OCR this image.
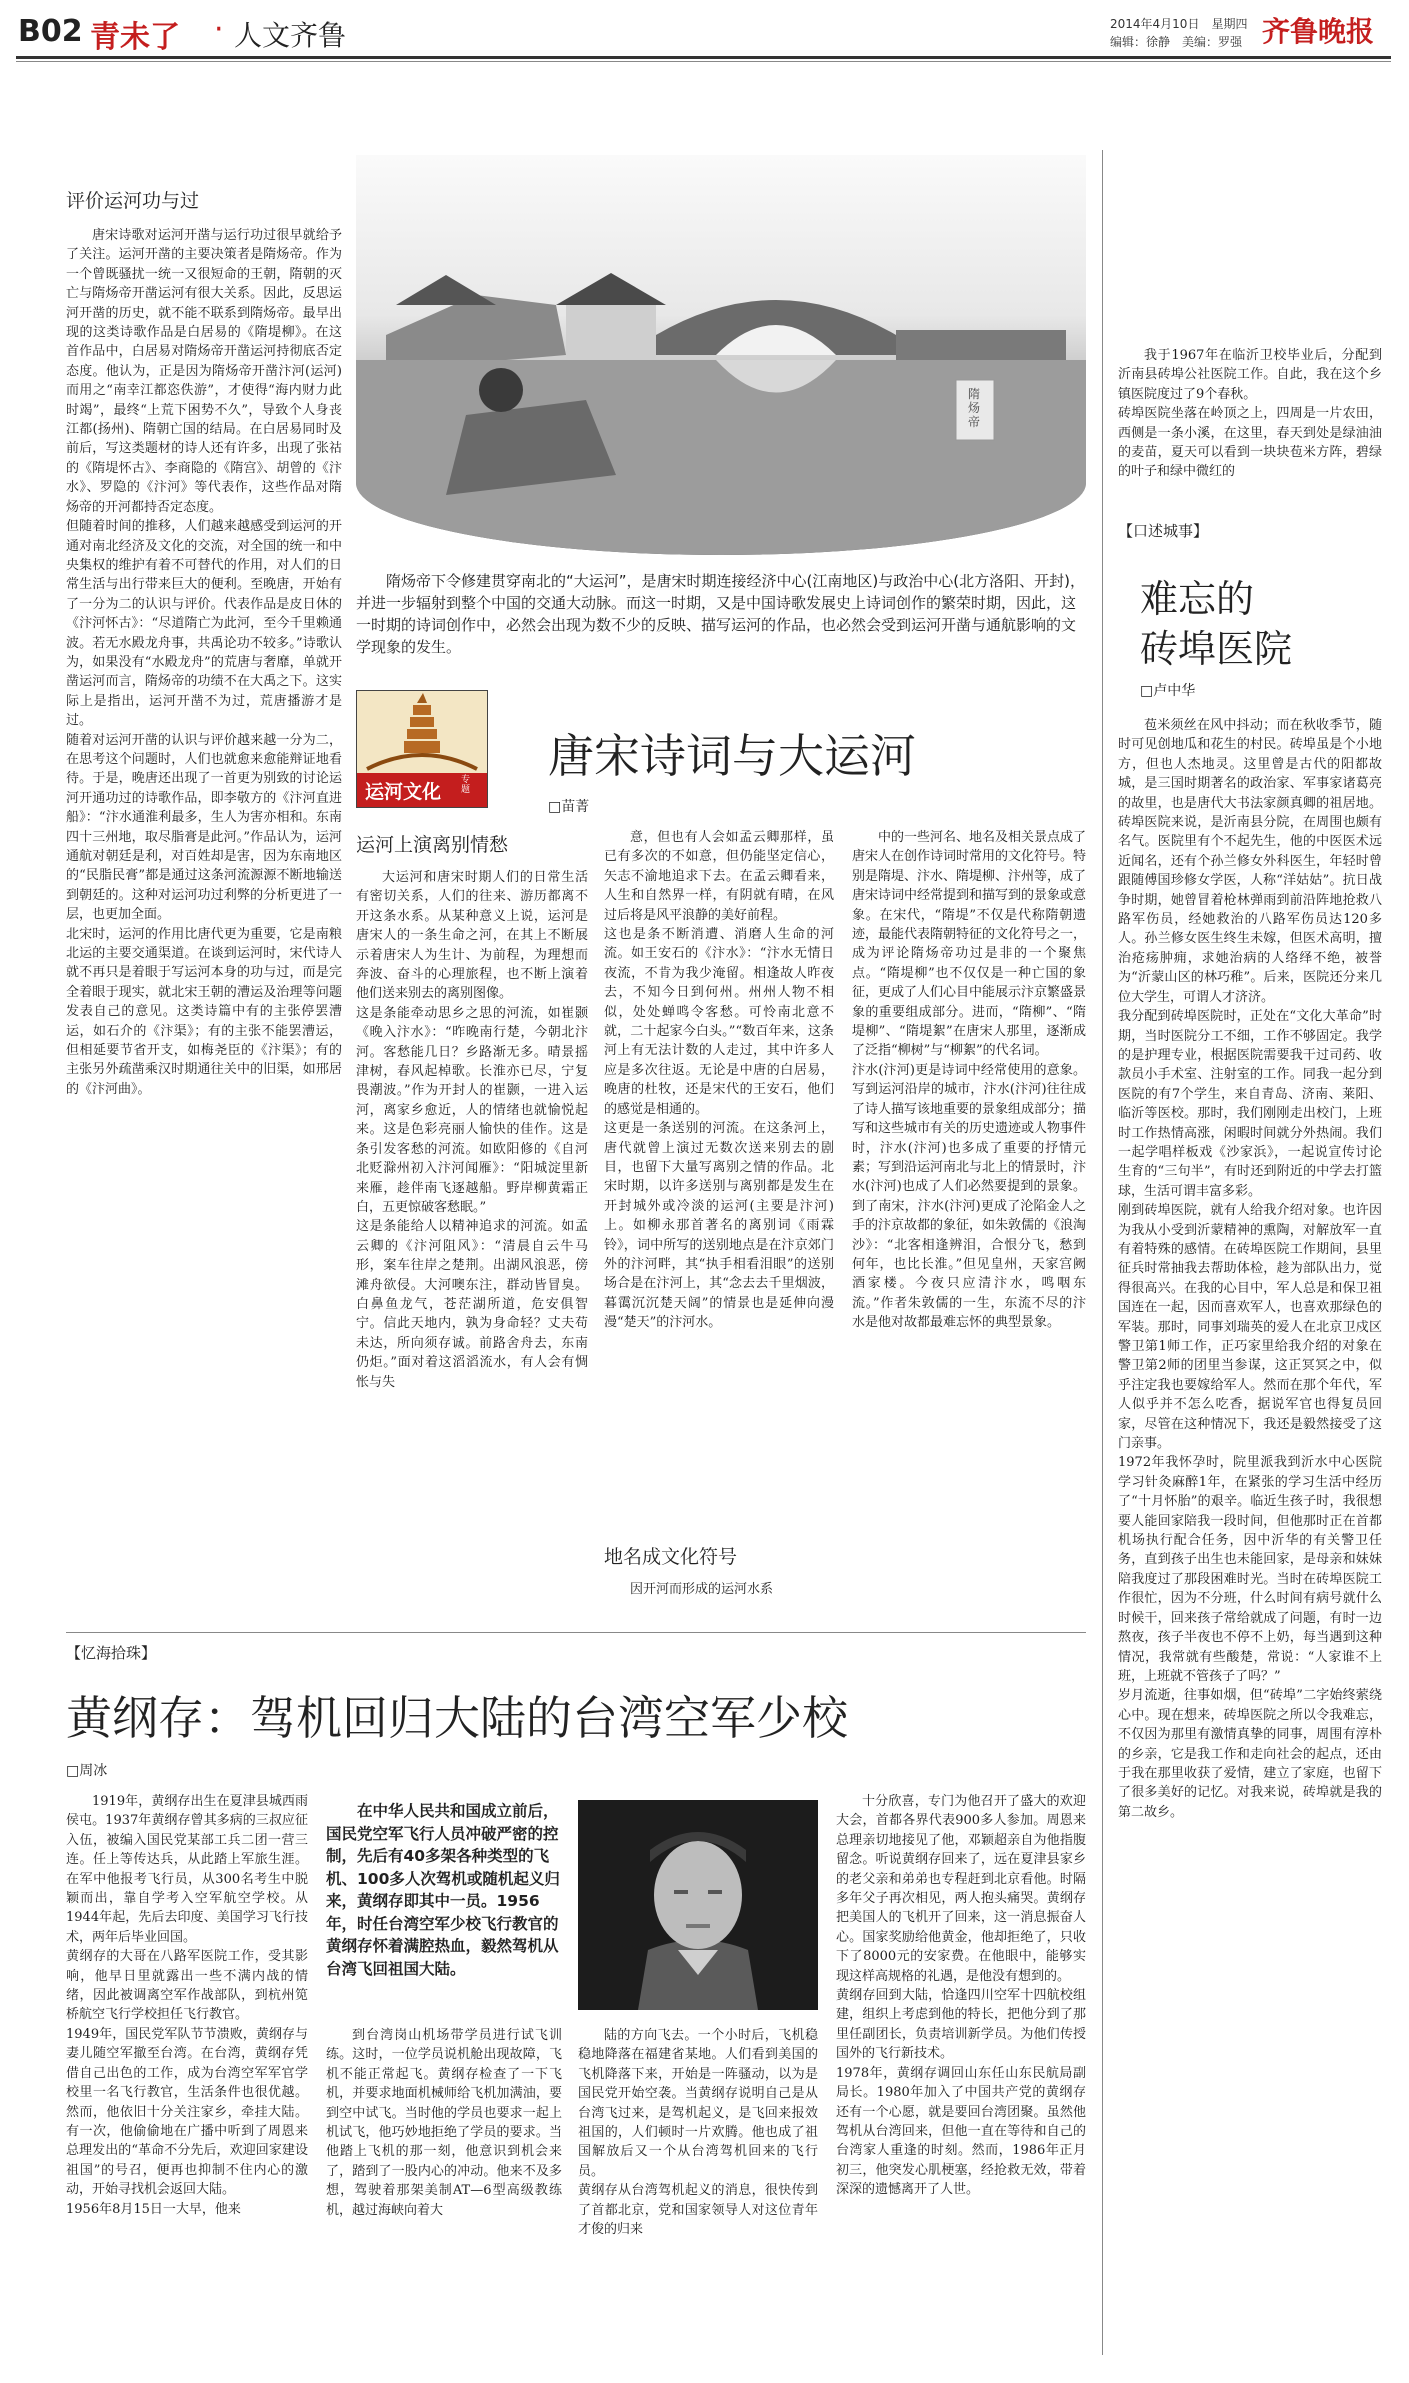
B02 青未了 · 人文齐鲁	2014年4月10日　星期四
编辑：徐静　美编：罗强 齐鲁晚报
评价运河功与过
唐宋诗歌对运河开凿与运行功过很早就给予了关注。运河开凿的主要决策者是隋炀帝。作为一个曾既骚扰一统一又很短命的王朝，隋朝的灭亡与隋炀帝开凿运河有很大关系。因此，反思运河开凿的历史，就不能不联系到隋炀帝。最早出现的这类诗歌作品是白居易的《隋堤柳》。在这首作品中，白居易对隋炀帝开凿运河持彻底否定态度。他认为，正是因为隋炀帝开凿汴河(运河)而用之“南幸江都恣佚游”，才使得“海内财力此时竭”，最终“上荒下困势不久”，导致个人身丧江都(扬州)、隋朝亡国的结局。在白居易同时及前后，写这类题材的诗人还有许多，出现了张祜的《隋堤怀古》、李商隐的《隋宫》、胡曾的《汴水》、罗隐的《汴河》等代表作，这些作品对隋炀帝的开河都持否定态度。
但随着时间的推移，人们越来越感受到运河的开通对南北经济及文化的交流，对全国的统一和中央集权的维护有着不可替代的作用，对人们的日常生活与出行带来巨大的便利。至晚唐，开始有了一分为二的认识与评价。代表作品是皮日休的《汴河怀古》：“尽道隋亡为此河，至今千里赖通波。若无水殿龙舟事，共禹论功不较多。”诗歌认为，如果没有“水殿龙舟”的荒唐与奢靡，单就开凿运河而言，隋炀帝的功绩不在大禹之下。这实际上是指出，运河开凿不为过，荒唐播游才是过。
随着对运河开凿的认识与评价越来越一分为二，在思考这个问题时，人们也就愈来愈能辩证地看待。于是，晚唐还出现了一首更为别致的讨论运河开通功过的诗歌作品，即李敬方的《汴河直进船》：“汴水通淮利最多，生人为害亦相和。东南四十三州地，取尽脂膏是此河。”作品认为，运河通航对朝廷是利，对百姓却是害，因为东南地区的“民脂民膏”都是通过这条河流源源不断地输送到朝廷的。这种对运河功过利弊的分析更进了一层，也更加全面。
北宋时，运河的作用比唐代更为重要，它是南粮北运的主要交通渠道。在谈到运河时，宋代诗人就不再只是着眼于写运河本身的功与过，而是完全着眼于现实，就北宋王朝的漕运及治理等问题发表自己的意见。这类诗篇中有的主张停罢漕运，如石介的《汴渠》；有的主张不能罢漕运，但相延要节省开支，如梅尧臣的《汴渠》；有的主张另外疏凿乘汉时期通往关中的旧渠，如邢居的《汴河曲》。
隋炀帝
隋炀帝下令修建贯穿南北的“大运河”，是唐宋时期连接经济中心(江南地区)与政治中心(北方洛阳、开封)，并进一步辐射到整个中国的交通大动脉。而这一时期，又是中国诗歌发展史上诗词创作的繁荣时期，因此，这一时期的诗词创作中，必然会出现为数不少的反映、描写运河的作品，也必然会受到运河开凿与通航影响的文学现象的发生。
运河文化
专题
唐宋诗词与大运河
□苗菁
运河上演离别情愁
大运河和唐宋时期人们的日常生活有密切关系，人们的往来、游历都离不开这条水系。从某种意义上说，运河是唐宋人的一条生命之河，在其上不断展示着唐宋人为生计、为前程，为理想而奔波、奋斗的心理旅程，也不断上演着他们送来别去的离别图像。
这是条能牵动思乡之思的河流，如崔颢《晚入汴水》：“昨晚南行楚，今朝北汴河。客愁能几日？乡路渐无多。晴景摇津树，春风起棹歌。长淮亦已尽，宁复畏潮波。”作为开封人的崔颢，一进入运河，离家乡愈近，人的情绪也就愉悦起来。这是色彩亮丽人愉快的佳作。这是条引发客愁的河流。如欧阳修的《自河北贬滁州初入汴河闻雁》：“阳城淀里新来雁，趁伴南飞逐越船。野岸柳黄霜正白，五更惊破客愁眠。”
这是条能给人以精神追求的河流。如孟云卿的《汴河阻风》：“清晨自云牛马形，案车往岸之楚荆。出湖风浪恶，傍滩舟欲侵。大河噢东注，群动皆冒臭。白鼻鱼龙气，苍茫湖所道，危安俱智宁。信此天地内，孰为身命轻？丈夫苟未达，所向须存诚。前路舍舟去，东南仍炬。”面对着这滔滔流水，有人会有惆怅与失
意，但也有人会如孟云卿那样，虽已有多次的不如意，但仍能坚定信心，矢志不渝地追求下去。在孟云卿看来，人生和自然界一样，有阴就有晴，在风过后将是风平浪静的美好前程。
这也是条不断消遭、消磨人生命的河流。如王安石的《汴水》：“汴水无情日夜流，不肯为我少淹留。相逢故人昨夜去，不知今日到何州。州州人物不相似，处处蝉鸣令客愁。可怜南北意不就，二十起家今白头。”“数百年来，这条河上有无法计数的人走过，其中许多人应是多次往返。无论是中唐的白居易，晚唐的杜牧，还是宋代的王安石，他们的感觉是相通的。
这更是一条送别的河流。在这条河上，唐代就曾上演过无数次送来别去的剧目，也留下大量写离别之情的作品。北宋时期，以许多送别与离别都是发生在开封城外或冷淡的运河(主要是汴河)上。如柳永那首著名的离别词《雨霖铃》，词中所写的送别地点是在汴京郊门外的汴河畔，其“执手相看泪眼”的送别场合是在汴河上，其“念去去千里烟波，暮霭沉沉楚天阔”的情景也是延伸向漫漫“楚天”的汴河水。
地名成文化符号
因开河而形成的运河水系
中的一些河名、地名及相关景点成了唐宋人在创作诗词时常用的文化符号。特别是隋堤、汴水、隋堤柳、汴州等，成了唐宋诗词中经常提到和描写到的景象或意象。在宋代，“隋堤”不仅是代称隋朝遗迹，最能代表隋朝特征的文化符号之一，成为评论隋炀帝功过是非的一个聚焦点。“隋堤柳”也不仅仅是一种亡国的象征，更成了人们心目中能展示汴京繁盛景象的重要组成部分。进而，“隋柳”、“隋堤柳”、“隋堤絮”在唐宋人那里，逐渐成了泛指“柳树”与“柳絮”的代名词。
汴水(汴河)更是诗词中经常使用的意象。写到运河沿岸的城市，汴水(汴河)往往成了诗人描写该地重要的景象组成部分；描写和这些城市有关的历史遗迹或人物事件时，汴水(汴河)也多成了重要的抒情元素；写到沿运河南北与北上的情景时，汴水(汴河)也成了人们必然要提到的景象。到了南宋，汴水(汴河)更成了沦陷金人之手的汴京故都的象征，如朱敦儒的《浪淘沙》：“北客相逢辨泪，合恨分飞，愁到何年，也比长淮。”但见皇州，天家宫阙酒家楼。今夜只应清汴水，鸣咽东流。”作者朱敦儒的一生，东流不尽的汴水是他对故都最难忘怀的典型景象。
我于1967年在临沂卫校毕业后，分配到沂南县砖埠公社医院工作。自此，我在这个乡镇医院度过了9个春秋。
砖埠医院坐落在岭顶之上，四周是一片农田，西侧是一条小溪，在这里，春天到处是绿油油的麦苗，夏天可以看到一块块苞米方阵，碧绿的叶子和绿中微红的
【口述城事】
难忘的
砖埠医院
□卢中华
苞米须丝在风中抖动；而在秋收季节，随时可见创地瓜和花生的村民。砖埠虽是个小地方，但也人杰地灵。这里曾是古代的阳都故城，是三国时期著名的政治家、军事家诸葛亮的故里，也是唐代大书法家颜真卿的祖居地。砖埠医院来说，是沂南县分院，在周围也颇有名气。医院里有个不起先生，他的中医医术远近闻名，还有个孙兰修女外科医生，年轻时曾跟随傅国珍修女学医，人称“洋姑姑”。抗日战争时期，她曾冒着枪林弹雨到前沿阵地抢救八路军伤员，经她救治的八路军伤员达120多人。孙兰修女医生终生未嫁，但医术高明，擅治疮疡肿痈，求她治病的人络绎不绝，被誉为“沂蒙山区的林巧稚”。后来，医院还分来几位大学生，可谓人才济济。
我分配到砖埠医院时，正处在“文化大革命”时期，当时医院分工不细，工作不够固定。我学的是护理专业，根据医院需要我干过司药、收款员小手术室、注射室的工作。同我一起分到医院的有7个学生，来自青岛、济南、莱阳、临沂等医校。那时，我们刚刚走出校门，上班时工作热情高涨，闲暇时间就分外热闹。我们一起学唱样板戏《沙家浜》，一起说宣传讨论生育的“三句半”，有时还到附近的中学去打篮球，生活可谓丰富多彩。
刚到砖埠医院，就有人给我介绍对象。也许因为我从小受到沂蒙精神的熏陶，对解放军一直有着特殊的感情。在砖埠医院工作期间，县里征兵时常抽我去帮助体检，趁为部队出力，觉得很高兴。在我的心目中，军人总是和保卫祖国连在一起，因而喜欢军人，也喜欢那绿色的军装。那时，同事刘瑞英的爱人在北京卫戍区警卫第1师工作，正巧家里给我介绍的对象在警卫第2师的团里当参谋，这正冥冥之中，似乎注定我也要嫁给军人。然而在那个年代，军人似乎并不怎么吃香，据说军官也得复员回家，尽管在这种情况下，我还是毅然接受了这门亲事。
1972年我怀孕时，院里派我到沂水中心医院学习针灸麻醉1年，在紧张的学习生活中经历了“十月怀胎”的艰辛。临近生孩子时，我很想要人能回家陪我一段时间，但他那时正在首都机场执行配合任务，因中沂华的有关警卫任务，直到孩子出生也未能回家，是母亲和妹妹陪我度过了那段困难时光。当时在砖埠医院工作很忙，因为不分班，什么时间有病号就什么时候干，回来孩子常给就成了问题，有时一边熬夜，孩子半夜也不停不上奶，每当遇到这种情况，我常就有些酸楚，常说：“人家谁不上班，上班就不管孩子了吗？”
岁月流逝，往事如烟，但“砖埠”二字始终萦绕心中。现在想来，砖埠医院之所以令我难忘，不仅因为那里有激情真挚的同事，周围有淳朴的乡亲，它是我工作和走向社会的起点，还由于我在那里收获了爱情，建立了家庭，也留下了很多美好的记忆。对我来说，砖埠就是我的第二故乡。
【忆海拾珠】
黄纲存：驾机回归大陆的台湾空军少校
□周冰
1919年，黄纲存出生在夏津县城西雨侯屯。1937年黄纲存曾其多病的三叔应征入伍，被编入国民党某部工兵二团一营三连。任上等传达兵，从此踏上军旅生涯。在军中他报考飞行员，从300名考生中脱颖而出，靠自学考入空军航空学校。从1944年起，先后去印度、美国学习飞行技术，两年后毕业回国。
黄纲存的大哥在八路军医院工作，受其影响，他早日里就露出一些不满内战的情绪，因此被调离空军作战部队，到杭州笕桥航空飞行学校担任飞行教官。
1949年，国民党军队节节溃败，黄纲存与妻儿随空军撤至台湾。在台湾，黄纲存凭借自己出色的工作，成为台湾空军军官学校里一名飞行教官，生活条件也很优越。然而，他依旧十分关注家乡，牵挂大陆。有一次，他偷偷地在广播中听到了周恩来总理发出的“革命不分先后，欢迎回家建设祖国”的号召，便再也抑制不住内心的激动，开始寻找机会返回大陆。
1956年8月15日一大早，他来
在中华人民共和国成立前后，国民党空军飞行人员冲破严密的控制，先后有40多架各种类型的飞机、100多人次驾机或随机起义归来，黄纲存即其中一员。1956年，时任台湾空军少校飞行教官的黄纲存怀着满腔热血，毅然驾机从台湾飞回祖国大陆。
到台湾岗山机场带学员进行试飞训练。这时，一位学员说机舱出现故障，飞机不能正常起飞。黄纲存检查了一下飞机，并要求地面机械师给飞机加满油，要到空中试飞。当时他的学员也要求一起上机试飞，他巧妙地拒绝了学员的要求。当他踏上飞机的那一刻，他意识到机会来了，踏到了一股内心的冲动。他来不及多想，驾驶着那架美制AT—6型高级教练机，越过海峡向着大
陆的方向飞去。一个小时后，飞机稳稳地降落在福建省某地。人们看到美国的飞机降落下来，开始是一阵骚动，以为是国民党开始空袭。当黄纲存说明自己是从台湾飞过来，是驾机起义，是飞回来报效祖国的，人们顿时一片欢腾。他也成了祖国解放后又一个从台湾驾机回来的飞行员。
黄纲存从台湾驾机起义的消息，很快传到了首都北京，党和国家领导人对这位青年才俊的归来
十分欣喜，专门为他召开了盛大的欢迎大会，首都各界代表900多人参加。周恩来总理亲切地接见了他，邓颖超亲自为他指腹留念。听说黄纲存回来了，远在夏津县家乡的老父亲和弟弟也专程赶到北京看他。时隔多年父子再次相见，两人抱头痛哭。黄纲存把美国人的飞机开了回来，这一消息振奋人心。国家奖励给他黄金，他却拒绝了，只收下了8000元的安家费。在他眼中，能够实现这样高规格的礼遇，是他没有想到的。
黄纲存回到大陆，恰逢四川空军十四航校组建，组织上考虑到他的特长，把他分到了那里任副团长，负责培训新学员。为他们传授国外的飞行新技术。
1978年，黄纲存调回山东任山东民航局副局长。1980年加入了中国共产党的黄纲存还有一个心愿，就是要回台湾团聚。虽然他驾机从台湾回来，但他一直在等待和自己的台湾家人重逢的时刻。然而，1986年正月初三，他突发心肌梗塞，经抢救无效，带着深深的遗憾离开了人世。
